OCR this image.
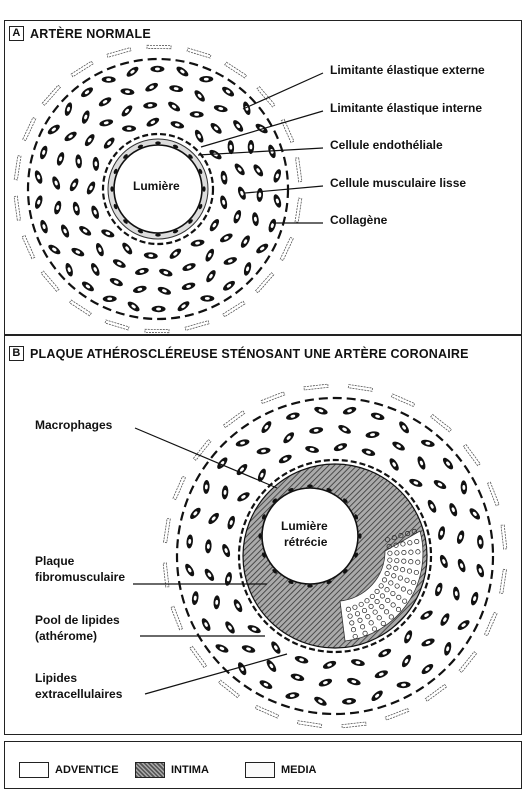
A ARTÈRE NORMALE
Lumière
Limitante élastique externe
Limitante élastique interne
Cellule endothéliale
Cellule musculaire lisse
Collagène
B PLAQUE ATHÉROSCLÉREUSE STÉNOSANT UNE ARTÈRE CORONAIRE
Lumière
rétrécie
Macrophages
Plaque
fibromusculaire
Pool de lipides
(athérome)
Lipides
extracellulaires
ADVENTICE	INTIMA	MEDIA
